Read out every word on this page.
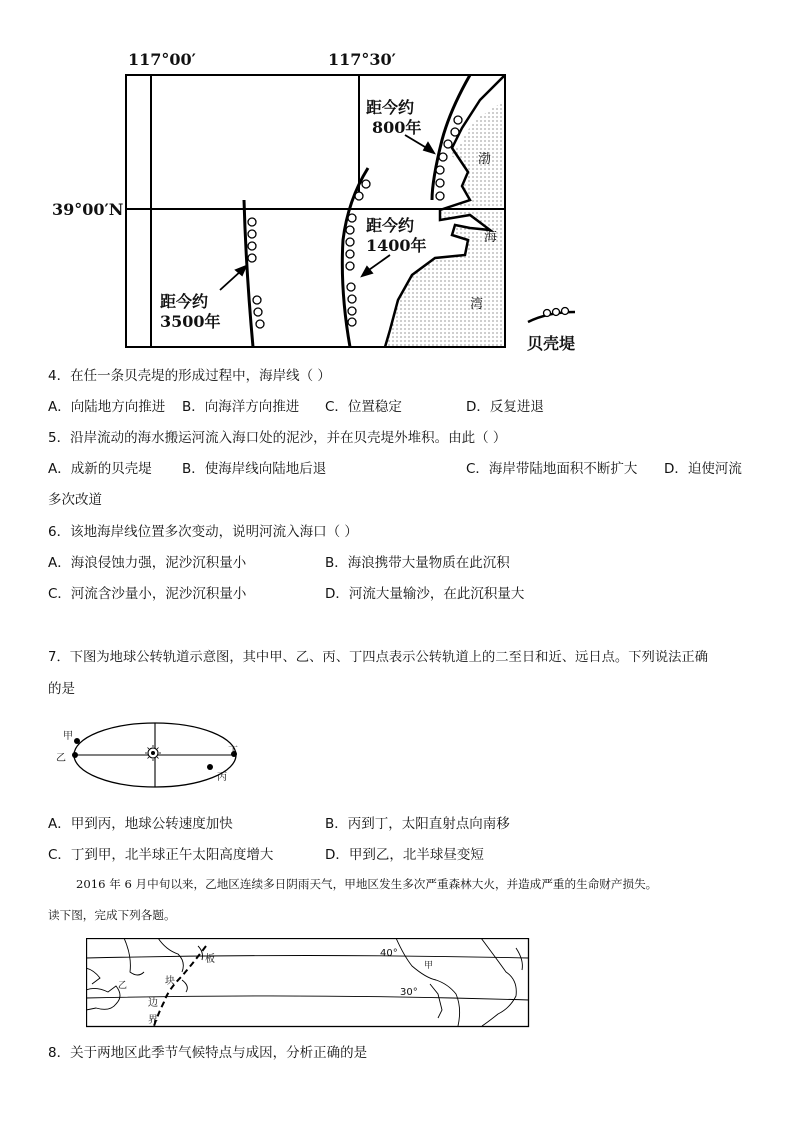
117°00′	117°30′
39°00′N
距今约
800年
距今约
1400年
距今约
3500年
渤
海
湾
贝壳堤
4．在任一条贝壳堤的形成过程中，海岸线（ ）
A．向陆地方向推进 B．向海洋方向推进 C．位置稳定	D．反复进退
5．沿岸流动的海水搬运河流入海口处的泥沙，并在贝壳堤外堆积。由此（ ）
A．成新的贝壳堤 B．使海岸线向陆地后退	C．海岸带陆地面积不断扩大 D．迫使河流
多次改道
6．该地海岸线位置多次变动，说明河流入海口（ ）
A．海浪侵蚀力强，泥沙沉积量小	B．海浪携带大量物质在此沉积
C．河流含沙量小，泥沙沉积量小	D．河流大量输沙，在此沉积量大
7．下图为地球公转轨道示意图，其中甲、乙、丙、丁四点表示公转轨道上的二至日和近、远日点。下列说法正确
的是
甲
乙
丁
丙
A．甲到丙，地球公转速度加快	B．丙到丁，太阳直射点向南移
C．丁到甲，北半球正午太阳高度增大	D．甲到乙，北半球昼变短
2016 年 6 月中旬以来，乙地区连续多日阴雨天气，甲地区发生多次严重森林大火，并造成严重的生命财产损失。
读下图，完成下列各题。
40°
30°
甲
乙
板
块
边
界
8．关于两地区此季节气候特点与成因，分析正确的是
